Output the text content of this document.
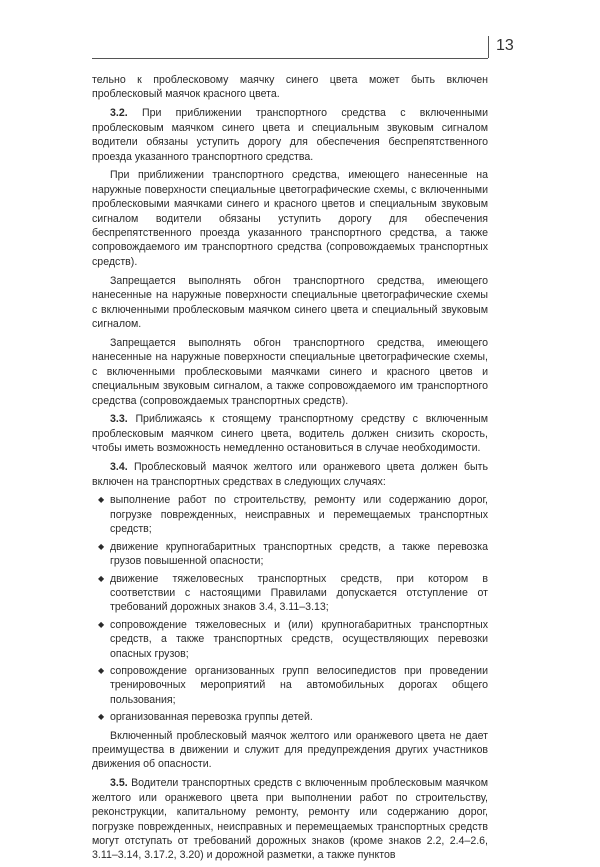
13

тельно к проблесковому маячку синего цвета может быть включен проблесковый маячок красного цвета.

3.2. При приближении транспортного средства с включенными проблесковым маячком синего цвета и специальным звуковым сигналом водители обязаны уступить дорогу для обеспечения беспрепятственного проезда указанного транспортного средства.

При приближении транспортного средства, имеющего нанесенные на наружные поверхности специальные цветографические схемы, с включенными проблесковыми маячками синего и красного цветов и специальным звуковым сигналом водители обязаны уступить дорогу для обеспечения беспрепятственного проезда указанного транспортного средства, а также сопровождаемого им транспортного средства (сопровождаемых транспортных средств).

Запрещается выполнять обгон транспортного средства, имеющего нанесенные на наружные поверхности специальные цветографические схемы с включенными проблесковым маячком синего цвета и специальный звуковым сигналом.

Запрещается выполнять обгон транспортного средства, имеющего нанесенные на наружные поверхности специальные цветографические схемы, с включенными проблесковыми маячками синего и красного цветов и специальным звуковым сигналом, а также сопровождаемого им транспортного средства (сопровождаемых транспортных средств).

3.3. Приближаясь к стоящему транспортному средству с включенным проблесковым маячком синего цвета, водитель должен снизить скорость, чтобы иметь возможность немедленно остановиться в случае необходимости.

3.4. Проблесковый маячок желтого или оранжевого цвета должен быть включен на транспортных средствах в следующих случаях:

◆ выполнение работ по строительству, ремонту или содержанию дорог, погрузке поврежденных, неисправных и перемещаемых транспортных средств;
◆ движение крупногабаритных транспортных средств, а также перевозка грузов повышенной опасности;
◆ движение тяжеловесных транспортных средств, при котором в соответствии с настоящими Правилами допускается отступление от требований дорожных знаков 3.4, 3.11–3.13;
◆ сопровождение тяжеловесных и (или) крупногабаритных транспортных средств, а также транспортных средств, осуществляющих перевозки опасных грузов;
◆ сопровождение организованных групп велосипедистов при проведении тренировочных мероприятий на автомобильных дорогах общего пользования;
◆ организованная перевозка группы детей.

Включенный проблесковый маячок желтого или оранжевого цвета не дает преимущества в движении и служит для предупреждения других участников движения об опасности.

3.5. Водители транспортных средств с включенным проблесковым маячком желтого или оранжевого цвета при выполнении работ по строительству, реконструкции, капитальному ремонту, ремонту или содержанию дорог, погрузке поврежденных, неисправных и перемещаемых транспортных средств могут отступать от требований дорожных знаков (кроме знаков 2.2, 2.4–2.6, 3.11–3.14, 3.17.2, 3.20) и дорожной разметки, а также пунктов
